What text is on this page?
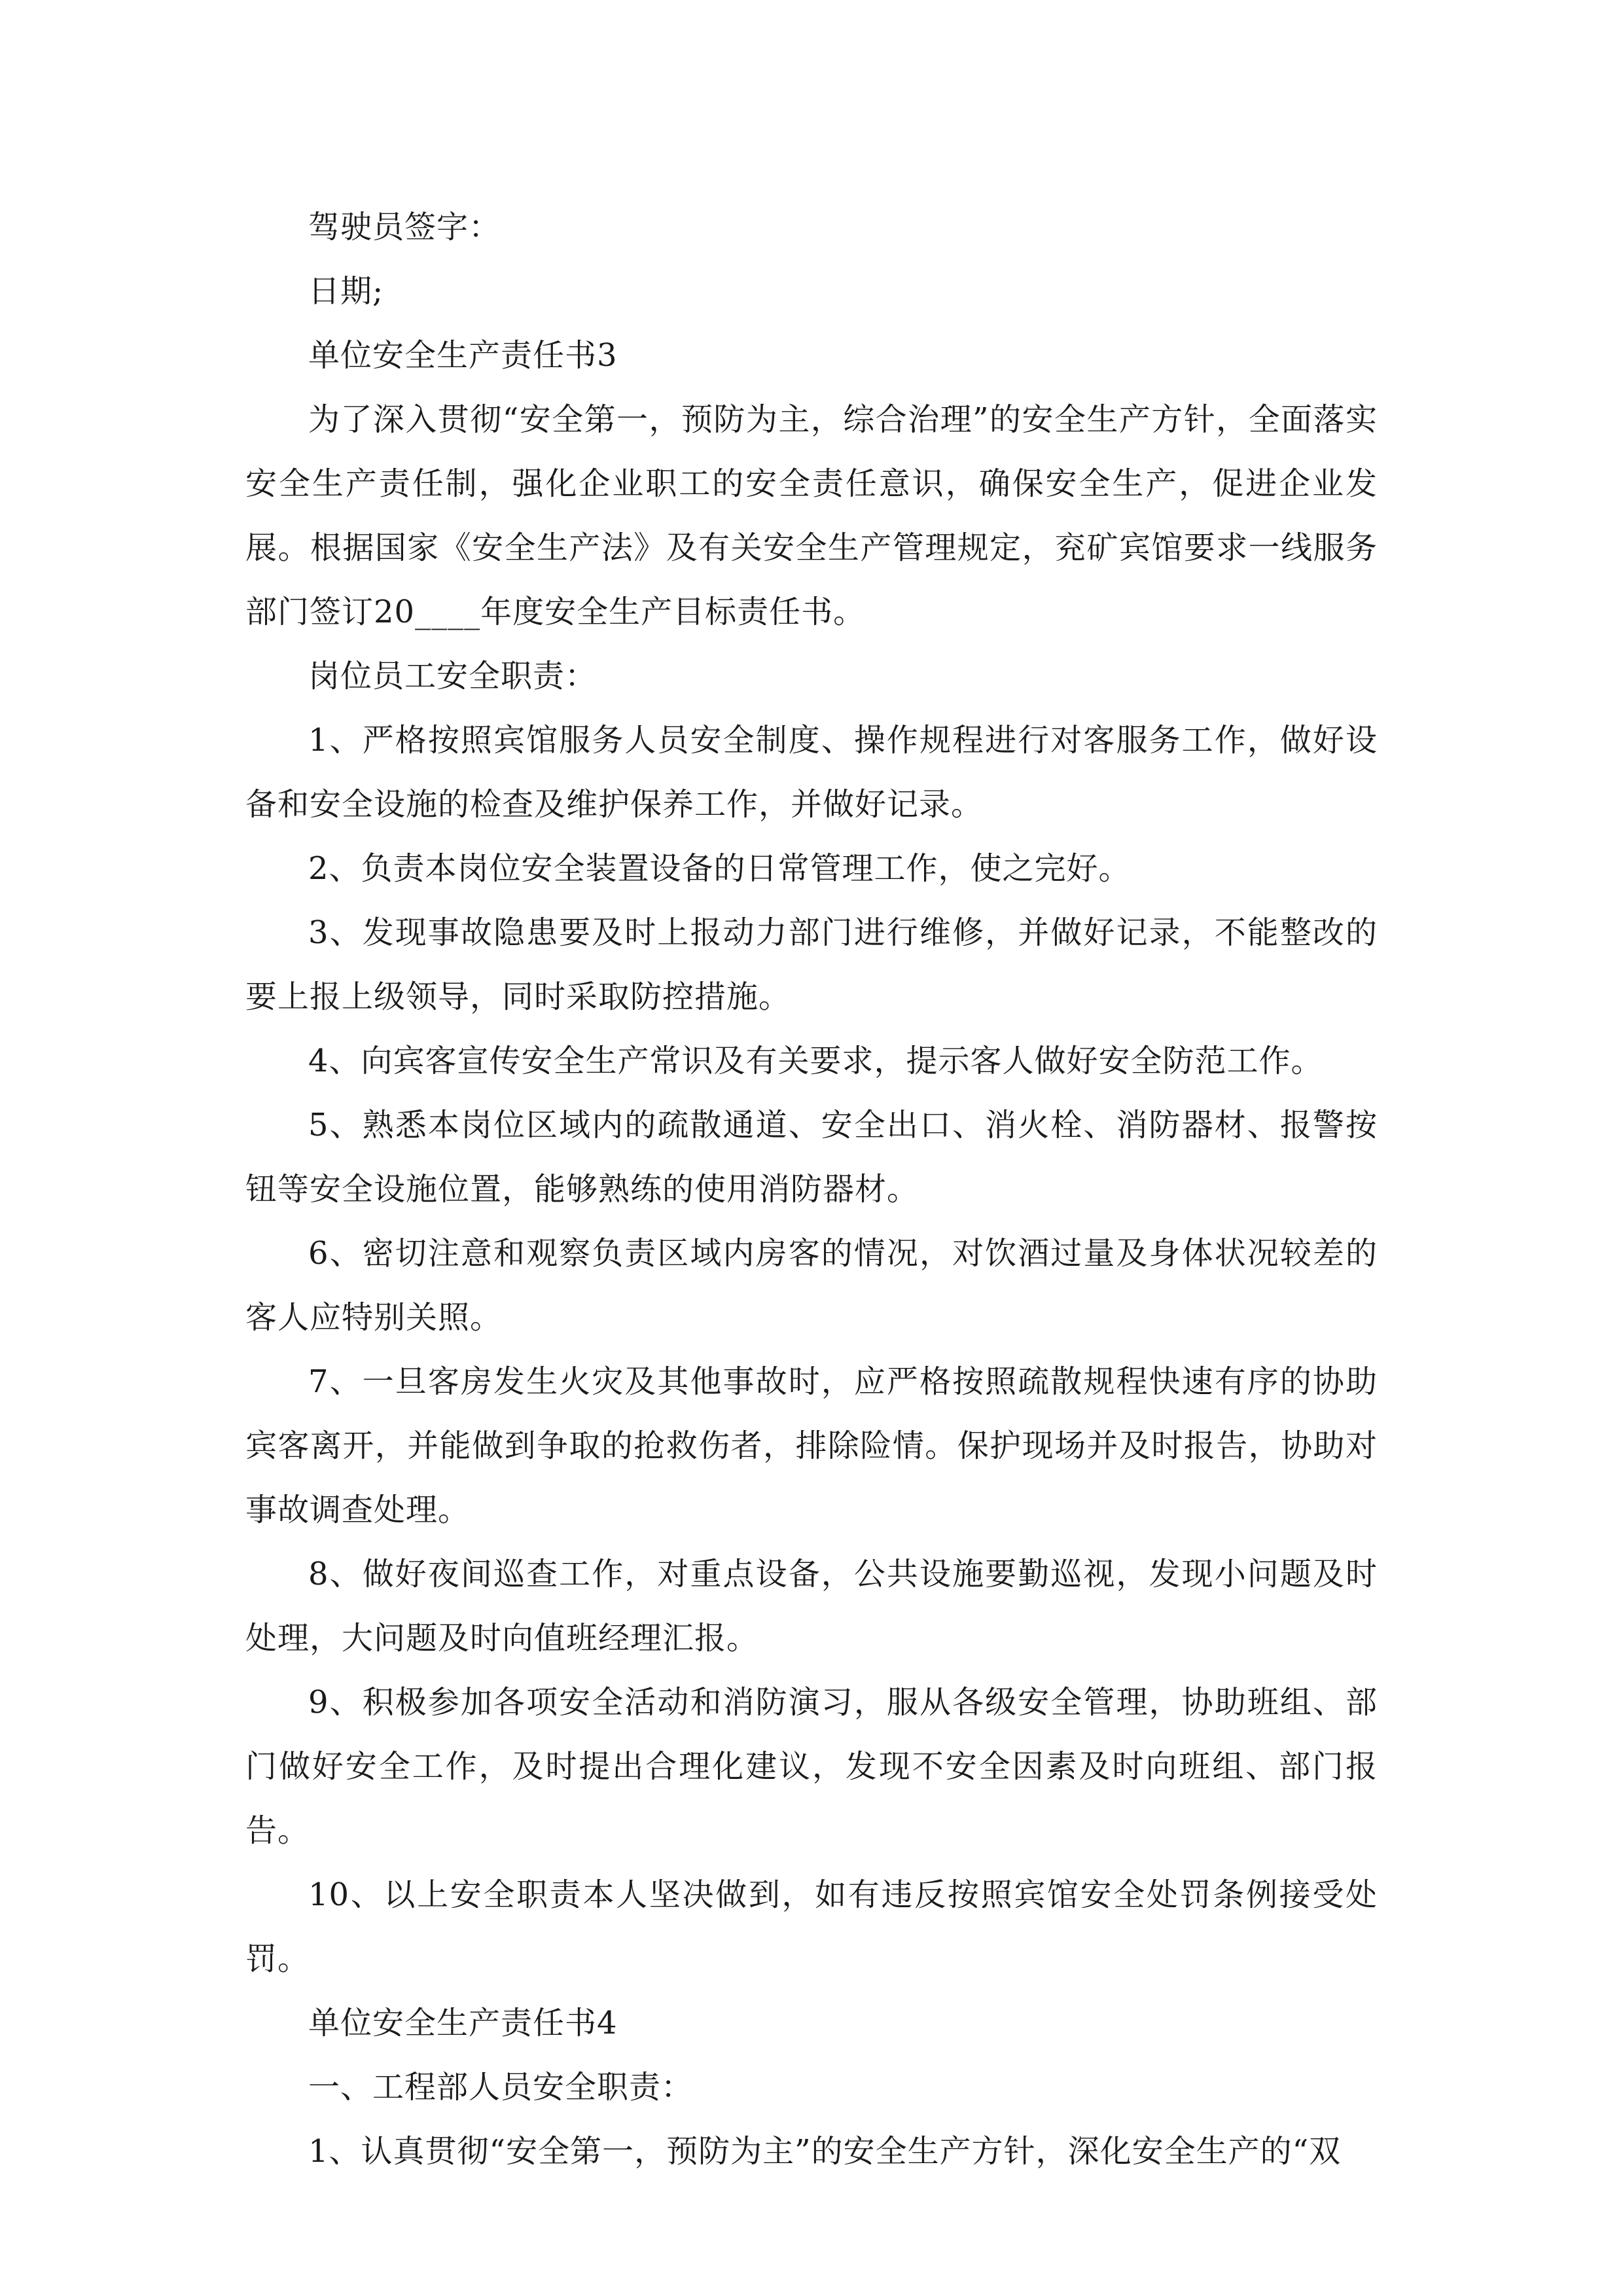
驾驶员签字：

日期;

单位安全生产责任书3

为了深入贯彻“安全第一，预防为主，综合治理”的安全生产方针，全面落实安全生产责任制，强化企业职工的安全责任意识，确保安全生产，促进企业发展。根据国家《安全生产法》及有关安全生产管理规定，兖矿宾馆要求一线服务部门签订20____年度安全生产目标责任书。

岗位员工安全职责：

1、严格按照宾馆服务人员安全制度、操作规程进行对客服务工作，做好设备和安全设施的检查及维护保养工作，并做好记录。

2、负责本岗位安全装置设备的日常管理工作，使之完好。

3、发现事故隐患要及时上报动力部门进行维修，并做好记录，不能整改的要上报上级领导，同时采取防控措施。

4、向宾客宣传安全生产常识及有关要求，提示客人做好安全防范工作。

5、熟悉本岗位区域内的疏散通道、安全出口、消火栓、消防器材、报警按钮等安全设施位置，能够熟练的使用消防器材。

6、密切注意和观察负责区域内房客的情况，对饮酒过量及身体状况较差的客人应特别关照。

7、一旦客房发生火灾及其他事故时，应严格按照疏散规程快速有序的协助宾客离开，并能做到争取的抢救伤者，排除险情。保护现场并及时报告，协助对事故调查处理。

8、做好夜间巡查工作，对重点设备，公共设施要勤巡视，发现小问题及时处理，大问题及时向值班经理汇报。

9、积极参加各项安全活动和消防演习，服从各级安全管理，协助班组、部门做好安全工作，及时提出合理化建议，发现不安全因素及时向班组、部门报告。

10、以上安全职责本人坚决做到，如有违反按照宾馆安全处罚条例接受处罚。

单位安全生产责任书4

一、工程部人员安全职责：

1、认真贯彻“安全第一，预防为主”的安全生产方针，深化安全生产的“双
